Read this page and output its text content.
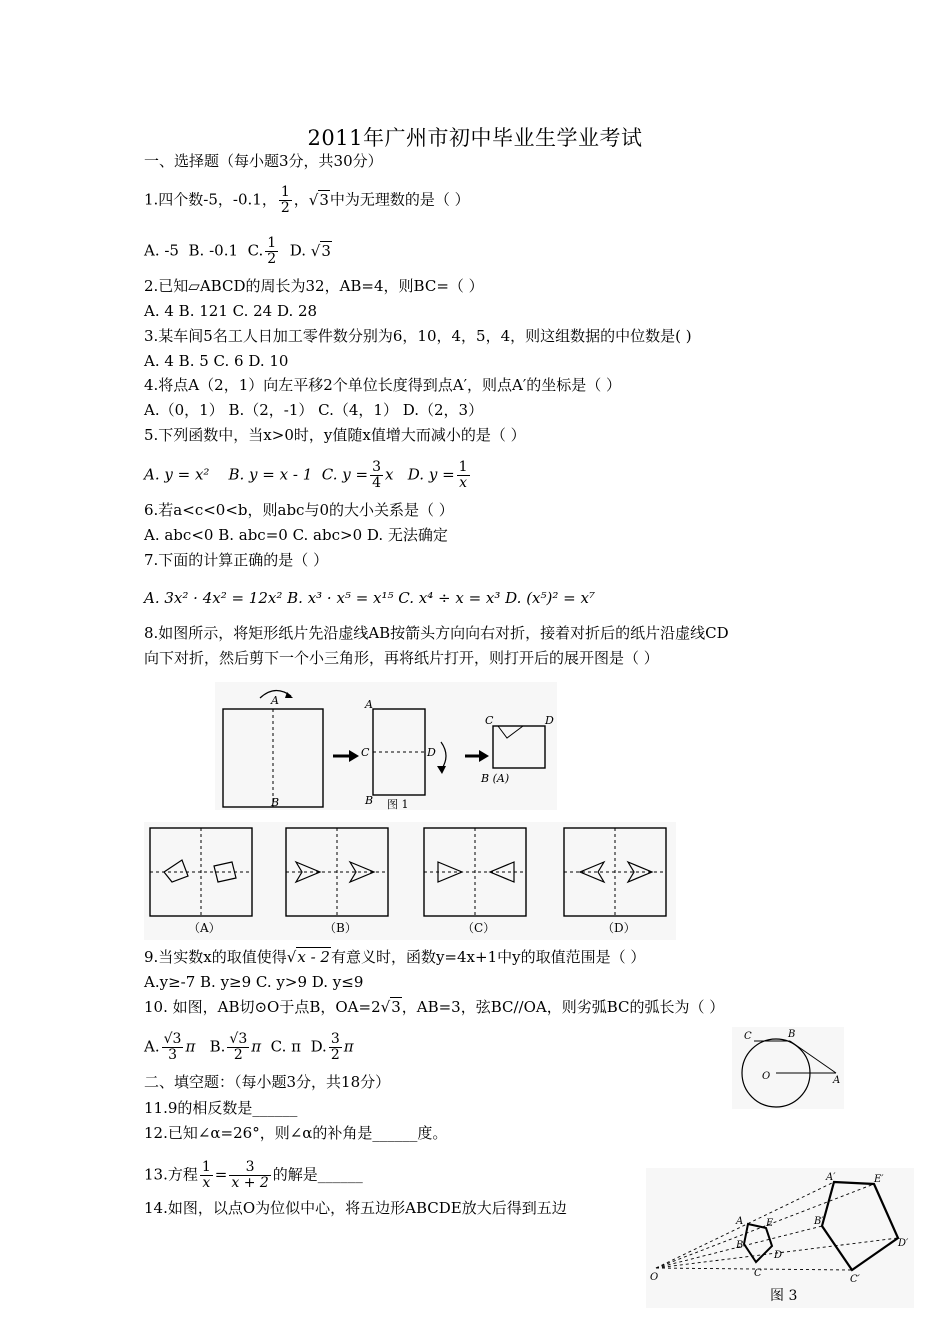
2011年广州市初中毕业生学业考试
一、选择题（每小题3分，共30分）
1.四个数-5，-0.1， $\frac{1}{2}$ ，√3中为无理数的是（ ）
A. -5 B. -0.1 C. $\frac{1}{2} D$. √3
2.已知▱ABCD的周长为32，AB=4，则BC=（ ）
A. 4 B. 121 C. 24 D. 28
3.某车间5名工人日加工零件数分别为6，10，4，5，4，则这组数据的中位数是( )
A. 4 B. 5 C. 6 D. 10
4.将点A（2，1）向左平移2个单位长度得到点A′，则点A′的坐标是（ ）
A.（0，1） B.（2，-1） C.（4，1） D.（2，3）
5.下列函数中，当x>0时，y值随x值增大而减小的是（ ）
A. y = x² B. y = x - 1 C. $y = \frac{3}{4}$ x D. $y = \frac{1}{x}$
6.若a<c<0<b，则abc与0的大小关系是（ ）
A. abc<0 B. abc=0 C. abc>0 D. 无法确定
7.下面的计算正确的是（ ）
A. 3x² · 4x² = 12x² B. x³ · x⁵ = x¹⁵ C. x⁴ ÷ x = x³ D. (x⁵)² = x⁷
8.如图所示，将矩形纸片先沿虚线AB按箭头方向向右对折，接着对折后的纸片沿虚线CD
向下对折，然后剪下一个小三角形，再将纸片打开，则打开后的展开图是（ ）
A
B
A
C	D
B
C	D
B (A)
图 1
（A）	（B）	（C）	（D）
9.当实数x的取值使得√x - 2有意义时，函数y=4x+1中y的取值范围是（ ）
A.y≥-7 B. y≥9 C. y>9 D. y≤9
10. 如图，AB切⊙O于点B，OA=2√3，AB=3，弦BC//OA，则劣弧BC的弧长为（ ）
A. $\frac{√3}{3}$ π B. $\frac{√3}{2}$ π C. π D. $\frac{3}{2}$ π
C	B
O	A
二、填空题：（每小题3分，共18分）
11.9的相反数是______
12.已知∠α=26°，则∠α的补角是______度。
13.方程 $\frac{1}{x} = \frac{3}{x + 2}$ 的解是______
14.如图，以点O为位似中心，将五边形ABCDE放大后得到五边
A′	E′
B′
A E
B
D
D′
C
C′
O
图 3
